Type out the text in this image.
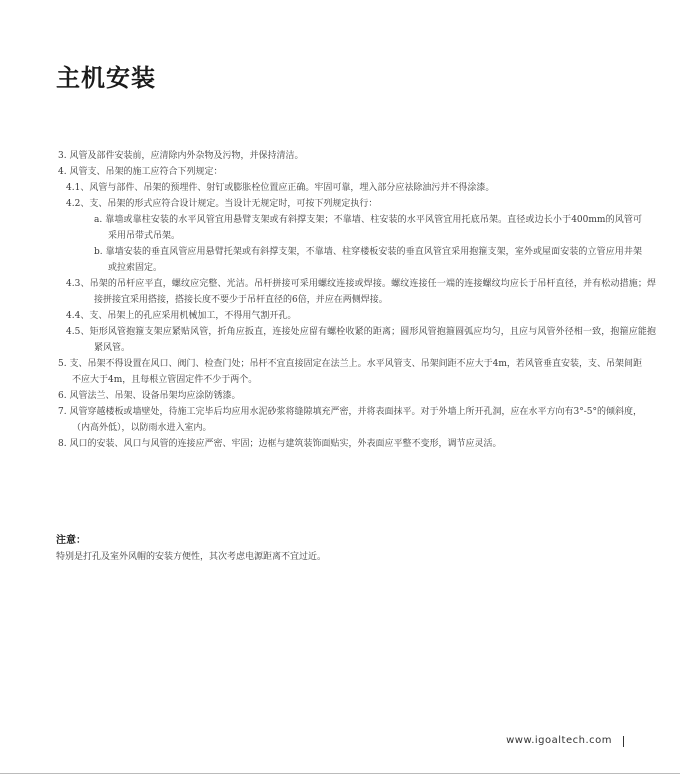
主机安装
3. 风管及部件安装前，应清除内外杂物及污物，并保持清洁。
4. 风管支、吊架的施工应符合下列规定：
4.1、风管与部件、吊架的预埋件、射钉或膨胀栓位置应正确。牢固可靠，埋入部分应祛除油污并不得涂漆。
4.2、支、吊架的形式应符合设计规定。当设计无规定时，可按下列规定执行：
a. 靠墙或靠柱安装的水平风管宜用悬臂支架或有斜撑支架；不靠墙、柱安装的水平风管宜用托底吊架。直径或边长小于400mm的风管可采用吊带式吊架。
b. 靠墙安装的垂直风管应用悬臂托架或有斜撑支架，不靠墙、柱穿楼板安装的垂直风管宜采用抱箍支架，室外或屋面安装的立管应用井架或拉索固定。
4.3、吊架的吊杆应平直，螺纹应完整、光洁。吊杆拼接可采用螺纹连接或焊接。螺纹连接任一端的连接螺纹均应长于吊杆直径，并有松动措施；焊接拼接宜采用搭接，搭接长度不要少于吊杆直径的6倍，并应在两侧焊接。
4.4、支、吊架上的孔应采用机械加工，不得用气割开孔。
4.5、矩形风管抱箍支架应紧贴风管，折角应扳直，连接处应留有螺栓收紧的距离；圆形风管抱箍圆弧应均匀，且应与风管外径相一致，抱箍应能抱紧风管。
5. 支、吊架不得设置在风口、阀门、检查门处；吊杆不宜直接固定在法兰上。水平风管支、吊架间距不应大于4m，若风管垂直安装，支、吊架间距不应大于4m，且每根立管固定件不少于两个。
6. 风管法兰、吊架、设备吊架均应涂防锈漆。
7. 风管穿越楼板或墙壁处，待施工完毕后均应用水泥砂浆将缝隙填充严密，并将表面抹平。对于外墙上所开孔洞，应在水平方向有3°-5°的倾斜度，（内高外低），以防雨水进入室内。
8. 风口的安装、风口与风管的连接应严密、牢固；边框与建筑装饰面贴实，外表面应平整不变形，调节应灵活。
注意：
特别是打孔及室外风帽的安装方便性，其次考虑电源距离不宜过近。
www.igoaltech.com
